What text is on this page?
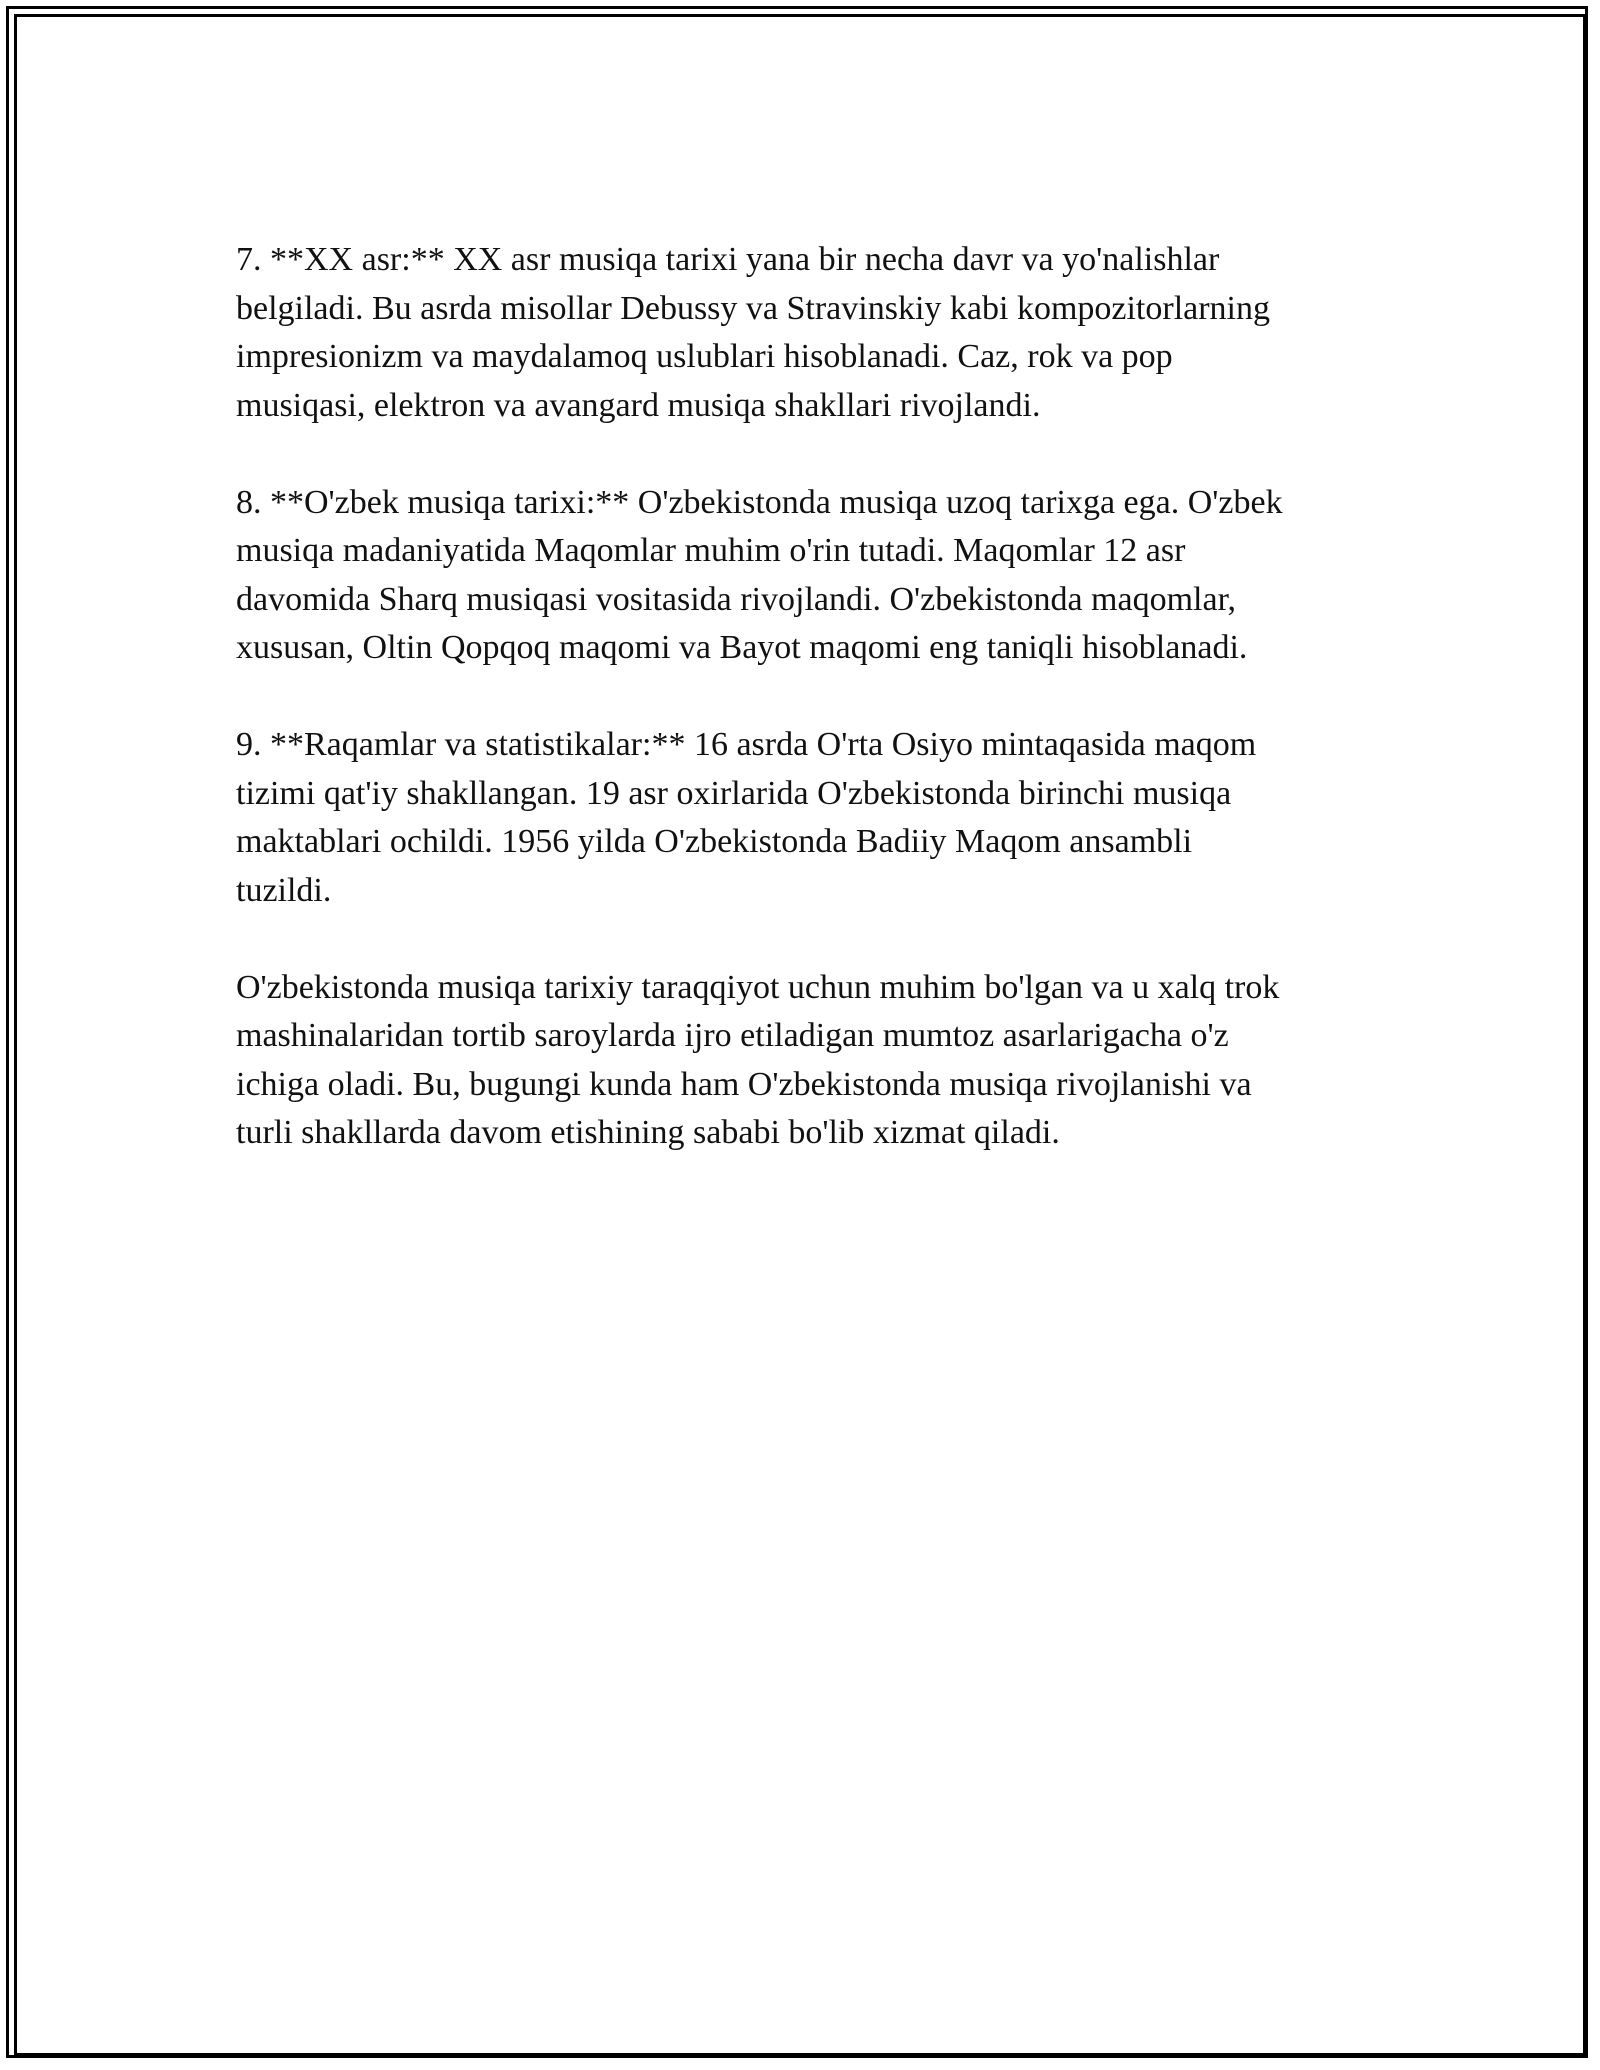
7. **XX asr:** XX asr musiqa tarixi yana bir necha davr va yo'nalishlar
belgiladi. Bu asrda misollar Debussy va Stravinskiy kabi kompozitorlarning
impresionizm va maydalamoq uslublari hisoblanadi. Caz, rok va pop
musiqasi, elektron va avangard musiqa shakllari rivojlandi.

8. **O'zbek musiqa tarixi:** O'zbekistonda musiqa uzoq tarixga ega. O'zbek
musiqa madaniyatida Maqomlar muhim o'rin tutadi. Maqomlar 12 asr
davomida Sharq musiqasi vositasida rivojlandi. O'zbekistonda maqomlar,
xususan, Oltin Qopqoq maqomi va Bayot maqomi eng taniqli hisoblanadi.

9. **Raqamlar va statistikalar:** 16 asrda O'rta Osiyo mintaqasida maqom
tizimi qat'iy shakllangan. 19 asr oxirlarida O'zbekistonda birinchi musiqa
maktablari ochildi. 1956 yilda O'zbekistonda Badiiy Maqom ansambli
tuzildi.

O'zbekistonda musiqa tarixiy taraqqiyot uchun muhim bo'lgan va u xalq trok
mashinalaridan tortib saroylarda ijro etiladigan mumtoz asarlarigacha o'z
ichiga oladi. Bu, bugungi kunda ham O'zbekistonda musiqa rivojlanishi va
turli shakllarda davom etishining sababi bo'lib xizmat qiladi.
